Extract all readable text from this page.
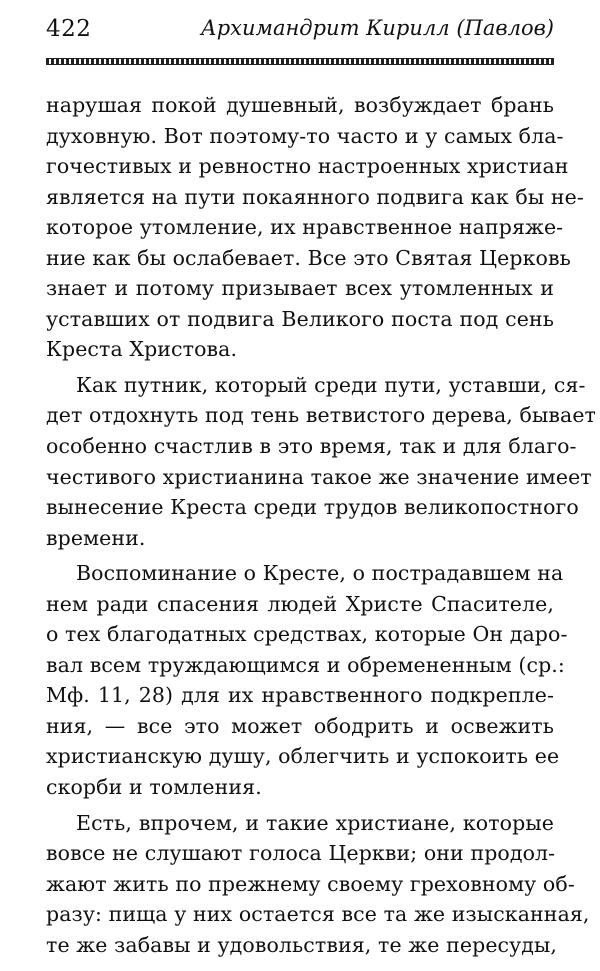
422	Архимандрит Кирилл (Павлов)
нарушая покой душевный, возбуждает брань
духовную. Вот поэтому-то часто и у самых бла-
гочестивых и ревностно настроенных христиан
является на пути покаянного подвига как бы не-
которое утомление, их нравственное напряже-
ние как бы ослабевает. Все это Святая Церковь
знает и потому призывает всех утомленных и
уставших от подвига Великого поста под сень
Креста Христова.
Как путник, который среди пути, уставши, ся-
дет отдохнуть под тень ветвистого дерева, бывает
особенно счастлив в это время, так и для благо-
честивого христианина такое же значение имеет
вынесение Креста среди трудов великопостного
времени.
Воспоминание о Кресте, о пострадавшем на
нем ради спасения людей Христе Спасителе,
о тех благодатных средствах, которые Он даро-
вал всем труждающимся и обремененным (ср.:
Мф. 11, 28) для их нравственного подкрепле-
ния, — все это может ободрить и освежить
христианскую душу, облегчить и успокоить ее
скорби и томления.
Есть, впрочем, и такие христиане, которые
вовсе не слушают голоса Церкви; они продол-
жают жить по прежнему своему греховному об-
разу: пища у них остается все та же изысканная,
те же забавы и удовольствия, те же пересуды,
